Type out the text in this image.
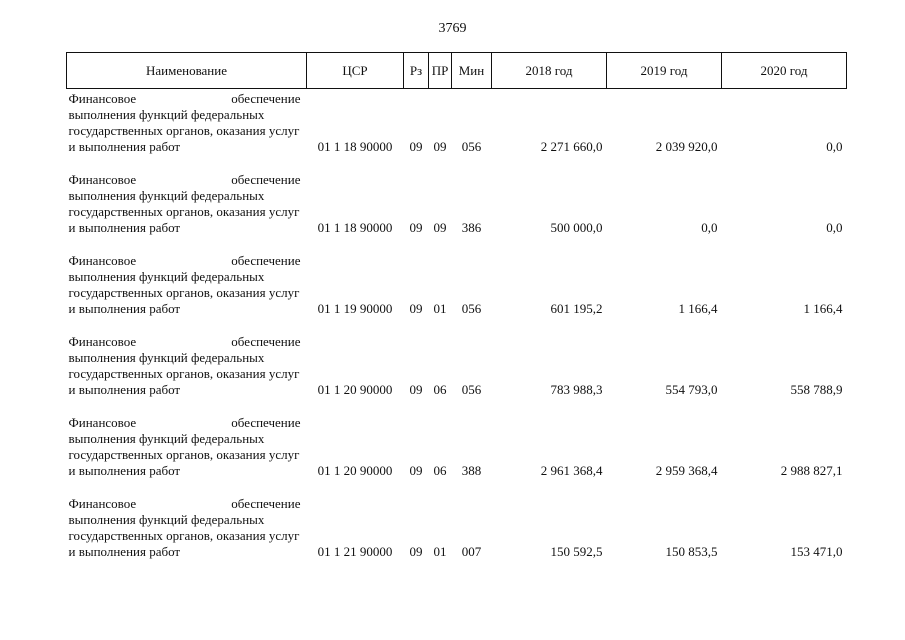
3769
Наименование	ЦСР	Рз	ПР	Мин	2018 год	2019 год	2020 год

Финансовое обеспечение
выполнения функций федеральных государственных органов, оказания услуг и выполнения работ	01 1 18 90000	09	09	056	2 271 660,0	2 039 920,0	0,0

Финансовое обеспечение
выполнения функций федеральных государственных органов, оказания услуг и выполнения работ	01 1 18 90000	09	09	386	500 000,0	0,0	0,0

Финансовое обеспечение
выполнения функций федеральных государственных органов, оказания услуг и выполнения работ	01 1 19 90000	09	01	056	601 195,2	1 166,4	1 166,4

Финансовое обеспечение
выполнения функций федеральных государственных органов, оказания услуг и выполнения работ	01 1 20 90000	09	06	056	783 988,3	554 793,0	558 788,9

Финансовое обеспечение
выполнения функций федеральных государственных органов, оказания услуг и выполнения работ	01 1 20 90000	09	06	388	2 961 368,4	2 959 368,4	2 988 827,1

Финансовое обеспечение
выполнения функций федеральных государственных органов, оказания услуг и выполнения работ	01 1 21 90000	09	01	007	150 592,5	150 853,5	153 471,0
